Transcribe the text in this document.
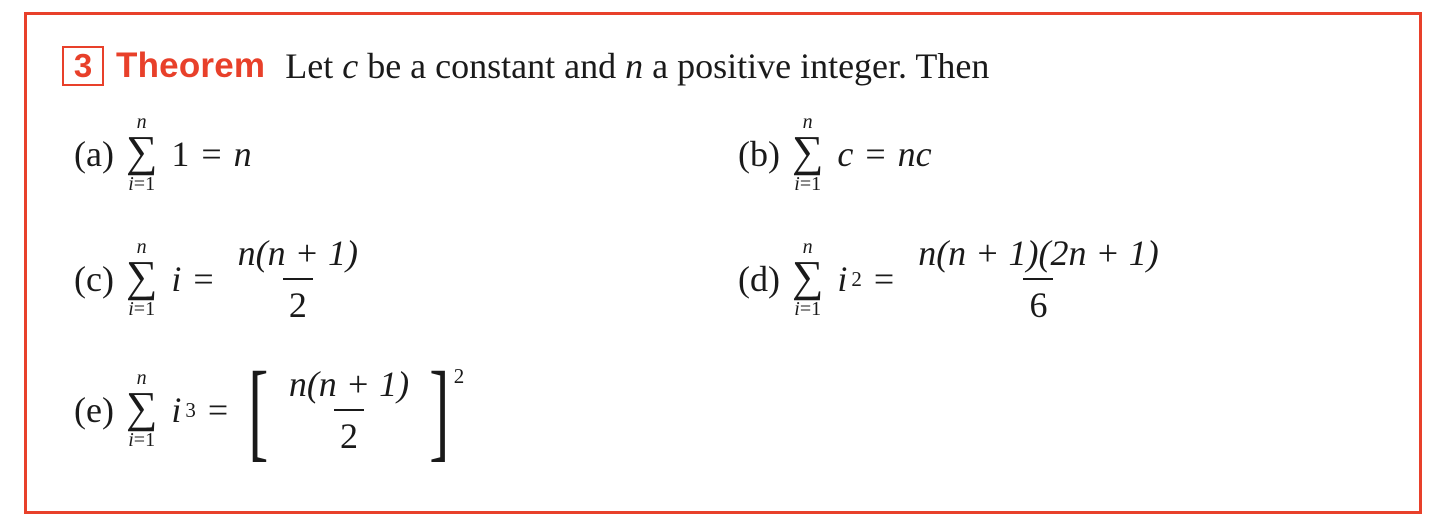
3 Theorem Let c be a constant and n a positive integer. Then
(a)
n
∑
i=1
1 = n	(b)
n
∑
i=1
c = nc
(c)
n
∑
i=1
$i = \frac{n(n + 1)}{2}$	(d)
n
∑
i=1
i $2 = \frac{n(n + 1)(2n + 1)}{6}$
(e)
n
∑
i=1
i 3 = [ $\frac{n(n + 1)}{2}$ ] 2
